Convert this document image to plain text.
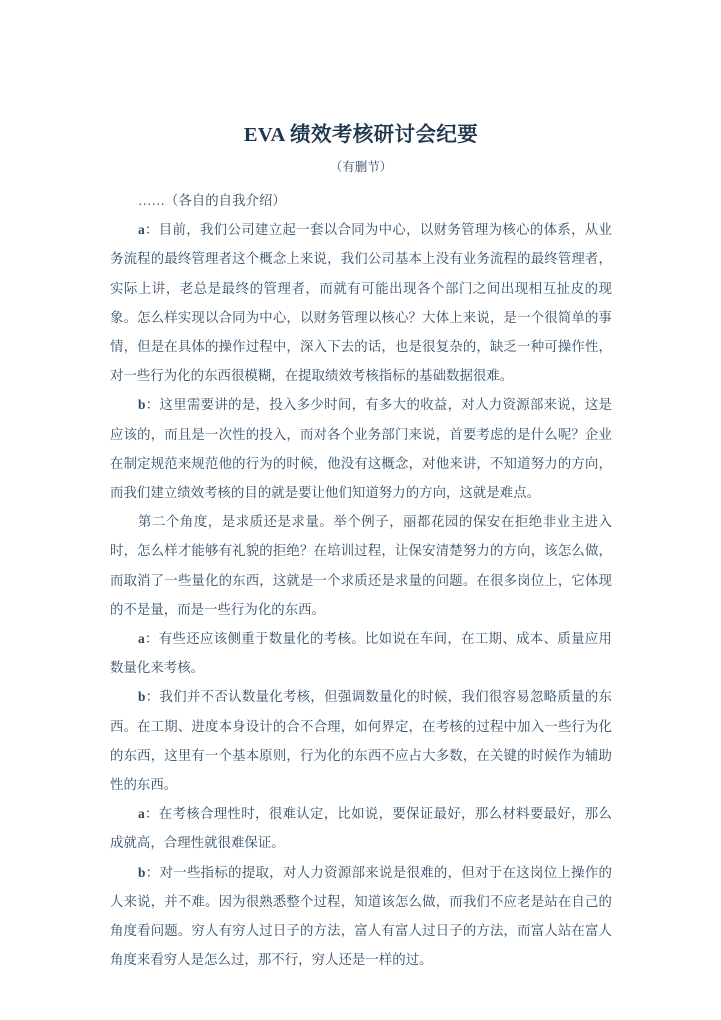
EVA 绩效考核研讨会纪要
（有删节）

……（各自的自我介绍）

a：目前，我们公司建立起一套以合同为中心，以财务管理为核心的体系，从业务流程的最终管理者这个概念上来说，我们公司基本上没有业务流程的最终管理者，实际上讲，老总是最终的管理者，而就有可能出现各个部门之间出现相互扯皮的现象。怎么样实现以合同为中心，以财务管理以核心？大体上来说，是一个很简单的事情，但是在具体的操作过程中，深入下去的话，也是很复杂的，缺乏一种可操作性，对一些行为化的东西很模糊，在提取绩效考核指标的基础数据很难。

b：这里需要讲的是，投入多少时间，有多大的收益，对人力资源部来说，这是应该的，而且是一次性的投入，而对各个业务部门来说，首要考虑的是什么呢？企业在制定规范来规范他的行为的时候，他没有这概念，对他来讲，不知道努力的方向，而我们建立绩效考核的目的就是要让他们知道努力的方向，这就是难点。

第二个角度，是求质还是求量。举个例子，丽都花园的保安在拒绝非业主进入时，怎么样才能够有礼貌的拒绝？在培训过程，让保安清楚努力的方向，该怎么做，而取消了一些量化的东西，这就是一个求质还是求量的问题。在很多岗位上，它体现的不是量，而是一些行为化的东西。

a：有些还应该侧重于数量化的考核。比如说在车间，在工期、成本、质量应用数量化来考核。

b：我们并不否认数量化考核，但强调数量化的时候，我们很容易忽略质量的东西。在工期、进度本身设计的合不合理，如何界定，在考核的过程中加入一些行为化的东西，这里有一个基本原则，行为化的东西不应占大多数，在关键的时候作为辅助性的东西。

a：在考核合理性时，很难认定，比如说，要保证最好，那么材料要最好，那么成就高，合理性就很难保证。

b：对一些指标的提取，对人力资源部来说是很难的，但对于在这岗位上操作的人来说，并不难。因为很熟悉整个过程，知道该怎么做，而我们不应老是站在自己的角度看问题。穷人有穷人过日子的方法，富人有富人过日子的方法，而富人站在富人角度来看穷人是怎么过，那不行，穷人还是一样的过。
